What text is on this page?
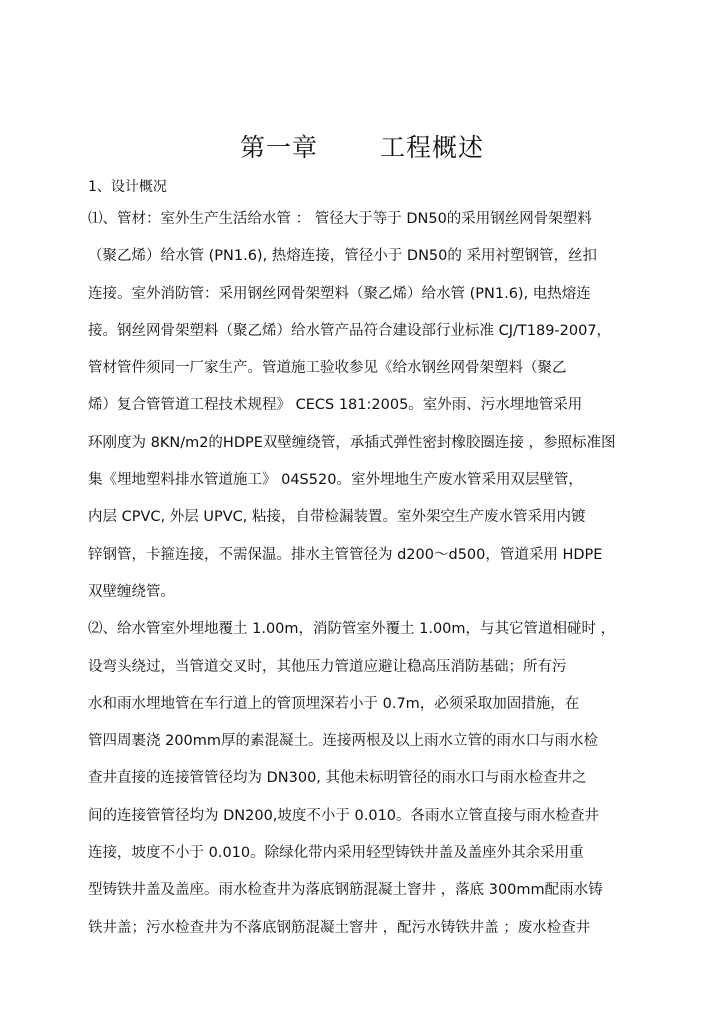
第一章 工程概述
1、设计概况
⑴、管材：室外生产生活给水管 ： 管径大于等于 DN50的采用钢丝网骨架塑料
（聚乙烯）给水管 (PN1.6), 热熔连接，管径小于 DN50的 采用衬塑钢管，丝扣
连接。室外消防管：采用钢丝网骨架塑料（聚乙烯）给水管 (PN1.6), 电热熔连
接。钢丝网骨架塑料（聚乙烯）给水管产品符合建设部行业标准 CJ/T189-2007，
管材管件须同一厂家生产。管道施工验收参见《给水钢丝网骨架塑料（聚乙
烯）复合管管道工程技术规程》 CECS 181:2005。室外雨、污水埋地管采用
环刚度为 8KN/m2的HDPE双壁缠绕管，承插式弹性密封橡胶圈连接 ，参照标准图
集《埋地塑料排水管道施工》 04S520。室外埋地生产废水管采用双层壁管，
内层 CPVC, 外层 UPVC, 粘接，自带检漏装置。室外架空生产废水管采用内镀
锌钢管，卡箍连接，不需保温。排水主管管径为 d200～d500，管道采用 HDPE
双壁缠绕管。
⑵、给水管室外埋地覆土 1.00m，消防管室外覆土 1.00m，与其它管道相碰时 ，
设弯头绕过，当管道交叉时，其他压力管道应避让稳高压消防基础；所有污
水和雨水埋地管在车行道上的管顶埋深若小于 0.7m，必须采取加固措施，在
管四周裹浇 200mm厚的素混凝土。连接两根及以上雨水立管的雨水口与雨水检
查井直接的连接管管径均为 DN300, 其他未标明管径的雨水口与雨水检查井之
间的连接管管径均为 DN200,坡度不小于 0.010。各雨水立管直接与雨水检查井
连接，坡度不小于 0.010。除绿化带内采用轻型铸铁井盖及盖座外其余采用重
型铸铁井盖及盖座。雨水检查井为落底钢筋混凝土窨井 ，落底 300mm配雨水铸
铁井盖；污水检查井为不落底钢筋混凝土窨井 ，配污水铸铁井盖 ；废水检查井
